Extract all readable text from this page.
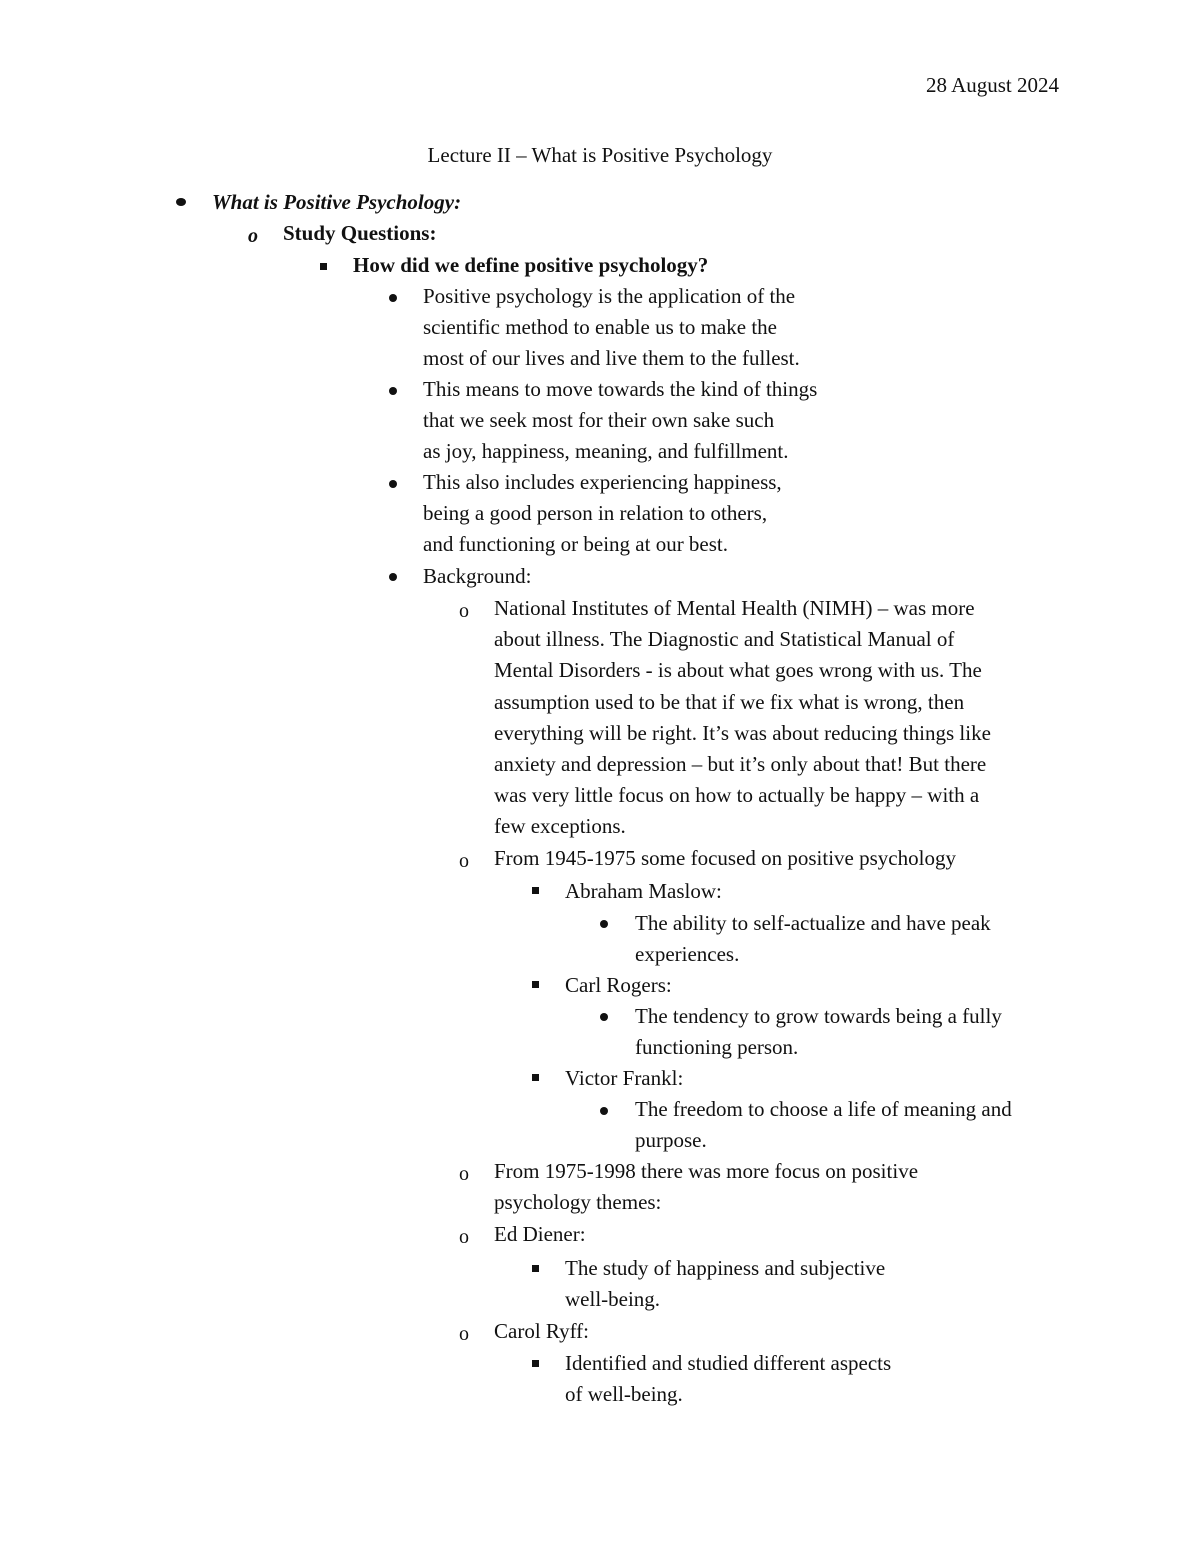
28 August 2024
Lecture II – What is Positive Psychology
What is Positive Psychology:
o Study Questions:
How did we define positive psychology?
Positive psychology is the application of the
scientific method to enable us to make the
most of our lives and live them to the fullest.
This means to move towards the kind of things
that we seek most for their own sake such
as joy, happiness, meaning, and fulfillment.
This also includes experiencing happiness,
being a good person in relation to others,
and functioning or being at our best.
Background:
o National Institutes of Mental Health (NIMH) – was more
about illness. The Diagnostic and Statistical Manual of
Mental Disorders - is about what goes wrong with us. The
assumption used to be that if we fix what is wrong, then
everything will be right. It’s was about reducing things like
anxiety and depression – but it’s only about that! But there
was very little focus on how to actually be happy – with a
few exceptions.
o From 1945-1975 some focused on positive psychology
Abraham Maslow:
The ability to self-actualize and have peak
experiences.
Carl Rogers:
The tendency to grow towards being a fully
functioning person.
Victor Frankl:
The freedom to choose a life of meaning and
purpose.
o From 1975-1998 there was more focus on positive
psychology themes:
o Ed Diener:
The study of happiness and subjective
well-being.
o Carol Ryff:
Identified and studied different aspects
of well-being.
